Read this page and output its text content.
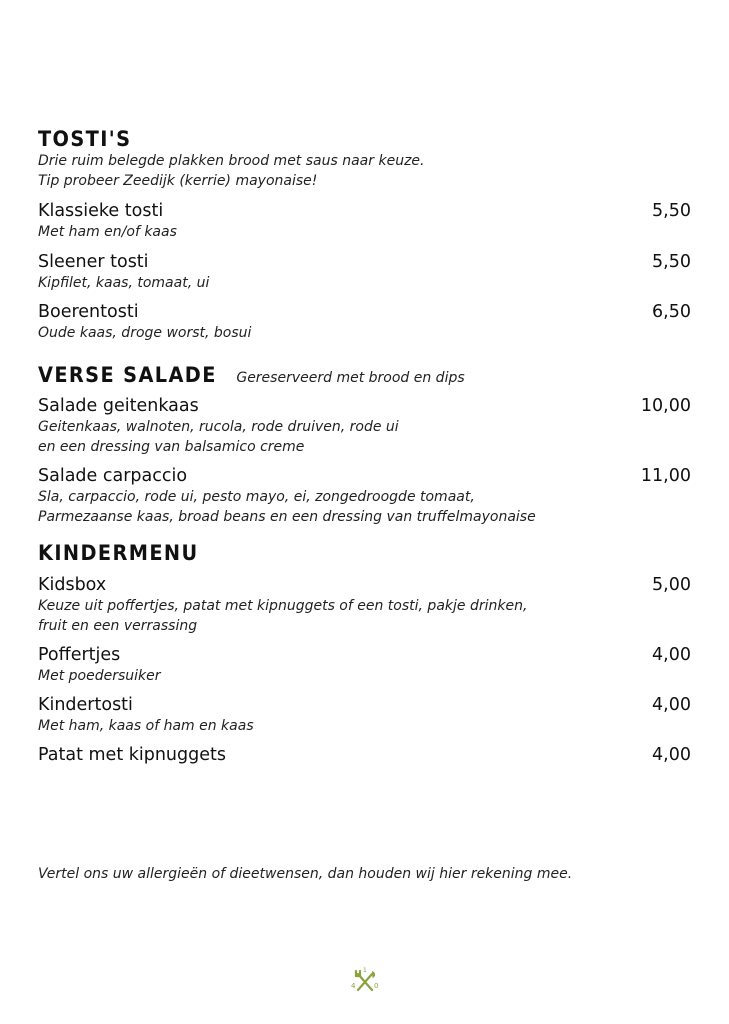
TOSTI'S
Drie ruim belegde plakken brood met saus naar keuze.
Tip probeer Zeedijk (kerrie) mayonaise!
Klassieke tosti	5,50
Met ham en/of kaas
Sleener tosti	5,50
Kipfilet, kaas, tomaat, ui
Boerentosti	6,50
Oude kaas, droge worst, bosui
VERSE SALADE Gereserveerd met brood en dips
Salade geitenkaas	10,00
Geitenkaas, walnoten, rucola, rode druiven, rode ui
en een dressing van balsamico creme
Salade carpaccio	11,00
Sla, carpaccio, rode ui, pesto mayo, ei, zongedroogde tomaat,
Parmezaanse kaas, broad beans en een dressing van truffelmayonaise
KINDERMENU
Kidsbox	5,00
Keuze uit poffertjes, patat met kipnuggets of een tosti, pakje drinken,
fruit en een verrassing
Poffertjes	4,00
Met poedersuiker
Kindertosti	4,00
Met ham, kaas of ham en kaas
Patat met kipnuggets	4,00
Vertel ons uw allergieën of dieetwensen, dan houden wij hier rekening mee.
4	0
1
